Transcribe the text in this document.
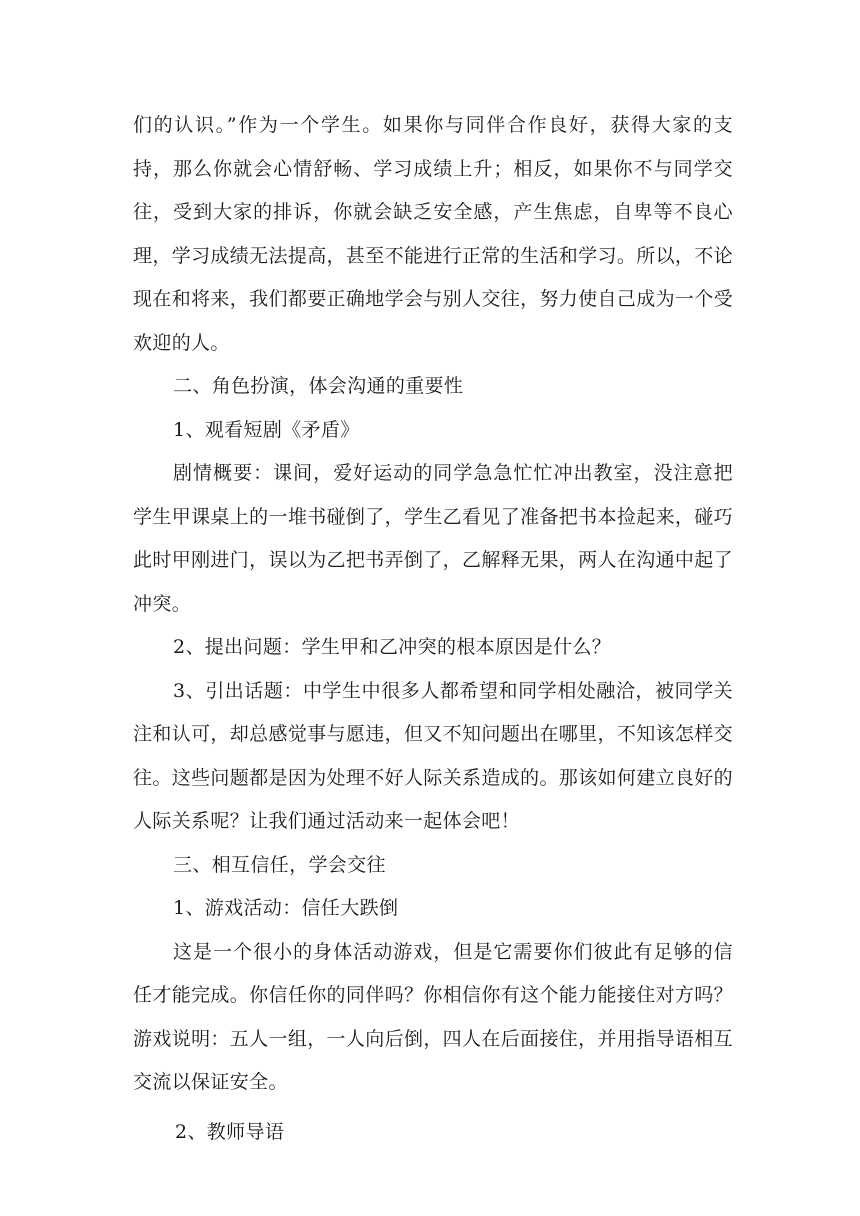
们的认识。”作为一个学生。如果你与同伴合作良好，获得大家的支持，那么你就会心情舒畅、学习成绩上升；相反，如果你不与同学交往，受到大家的排诉，你就会缺乏安全感，产生焦虑，自卑等不良心理，学习成绩无法提高，甚至不能进行正常的生活和学习。所以，不论现在和将来，我们都要正确地学会与别人交往，努力使自己成为一个受欢迎的人。

二、角色扮演，体会沟通的重要性

1、观看短剧《矛盾》

剧情概要：课间，爱好运动的同学急急忙忙冲出教室，没注意把学生甲课桌上的一堆书碰倒了，学生乙看见了准备把书本捡起来，碰巧此时甲刚进门，误以为乙把书弄倒了，乙解释无果，两人在沟通中起了冲突。

2、提出问题：学生甲和乙冲突的根本原因是什么？

3、引出话题：中学生中很多人都希望和同学相处融洽，被同学关注和认可，却总感觉事与愿违，但又不知问题出在哪里，不知该怎样交往。这些问题都是因为处理不好人际关系造成的。那该如何建立良好的人际关系呢？让我们通过活动来一起体会吧！

三、相互信任，学会交往

1、游戏活动：信任大跌倒

这是一个很小的身体活动游戏，但是它需要你们彼此有足够的信任才能完成。你信任你的同伴吗？你相信你有这个能力能接住对方吗？游戏说明：五人一组，一人向后倒，四人在后面接住，并用指导语相互交流以保证安全。

2、教师导语
